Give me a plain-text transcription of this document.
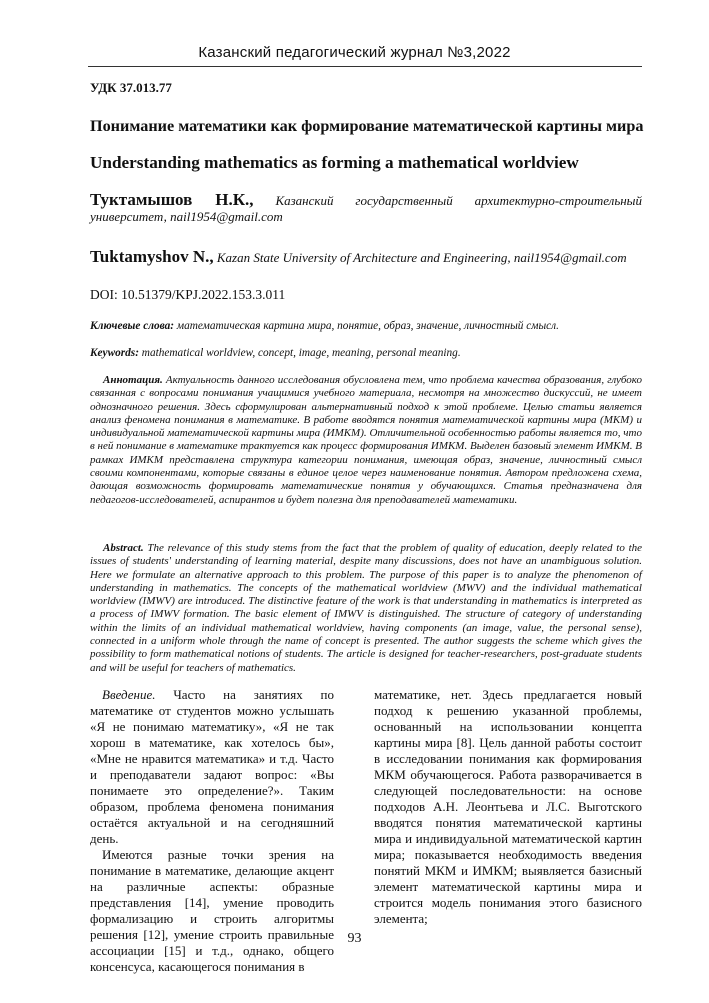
Казанский педагогический журнал №3,2022
УДК 37.013.77
Понимание математики как формирование математической картины мира
Understanding mathematics as forming a mathematical worldview
Туктамышов Н.К., Казанский государственный архитектурно-строительный университет, nail1954@gmail.com
Tuktamyshov N., Kazan State University of Architecture and Engineering, nail1954@gmail.com
DOI: 10.51379/KPJ.2022.153.3.011
Ключевые слова: математическая картина мира, понятие, образ, значение, личностный смысл.
Keywords: mathematical worldview, concept, image, meaning, personal meaning.
Аннотация. Актуальность данного исследования обусловлена тем, что проблема качества образования, глубоко связанная с вопросами понимания учащимися учебного материала, несмотря на множество дискуссий, не имеет однозначного решения. Здесь сформулирован альтернативный подход к этой проблеме. Целью статьи является анализ феномена понимания в математике. В работе вводятся понятия математической картины мира (МКМ) и индивидуальной математической картины мира (ИМКМ). Отличительной особенностью работы является то, что в ней понимание в математике трактуется как процесс формирования ИМКМ. Выделен базовый элемент ИМКМ. В рамках ИМКМ представлена структура категории понимания, имеющая образ, значение, личностный смысл своими компонентами, которые связаны в единое целое через наименование понятия. Автором предложена схема, дающая возможность формировать математические понятия у обучающихся. Статья предназначена для педагогов-исследователей, аспирантов и будет полезна для преподавателей математики.
Abstract. The relevance of this study stems from the fact that the problem of quality of education, deeply related to the issues of students' understanding of learning material, despite many discussions, does not have an unambiguous solution. Here we formulate an alternative approach to this problem. The purpose of this paper is to analyze the phenomenon of understanding in mathematics. The concepts of the mathematical worldview (MWV) and the individual mathematical worldview (IMWV) are introduced. The distinctive feature of the work is that understanding in mathematics is interpreted as a process of IMWV formation. The basic element of IMWV is distinguished. The structure of category of understanding within the limits of an individual mathematical worldview, having components (an image, value, the personal sense), connected in a uniform whole through the name of concept is presented. The author suggests the scheme which gives the possibility to form mathematical notions of students. The article is designed for teacher-researchers, post-graduate students and will be useful for teachers of mathematics.

Введение. Часто на занятиях по математике от студентов можно услышать «Я не понимаю математику», «Я не так хорош в математике, как хотелось бы», «Мне не нравится математика» и т.д. Часто и преподаватели задают вопрос: «Вы понимаете это определение?». Таким образом, проблема феномена понимания остаётся актуальной и на сегодняшний день.

Имеются разные точки зрения на понимание в математике, делающие акцент на различные аспекты: образные представления [14], умение проводить формализацию и строить алгоритмы решения [12], умение строить правильные ассоциации [15] и т.д., однако, общего консенсуса, касающегося понимания в

математике, нет. Здесь предлагается новый подход к решению указанной проблемы, основанный на использовании концепта картины мира [8]. Цель данной работы состоит в исследовании понимания как формирования МКМ обучающегося. Работа разворачивается в следующей последовательности: на основе подходов А.Н. Леонтьева и Л.С. Выготского вводятся понятия математической картины мира и индивидуальной математической картин мира; показывается необходимость введения понятий МКМ и ИМКМ; выявляется базисный элемент математической картины мира и строится модель понимания этого базисного элемента;

93
